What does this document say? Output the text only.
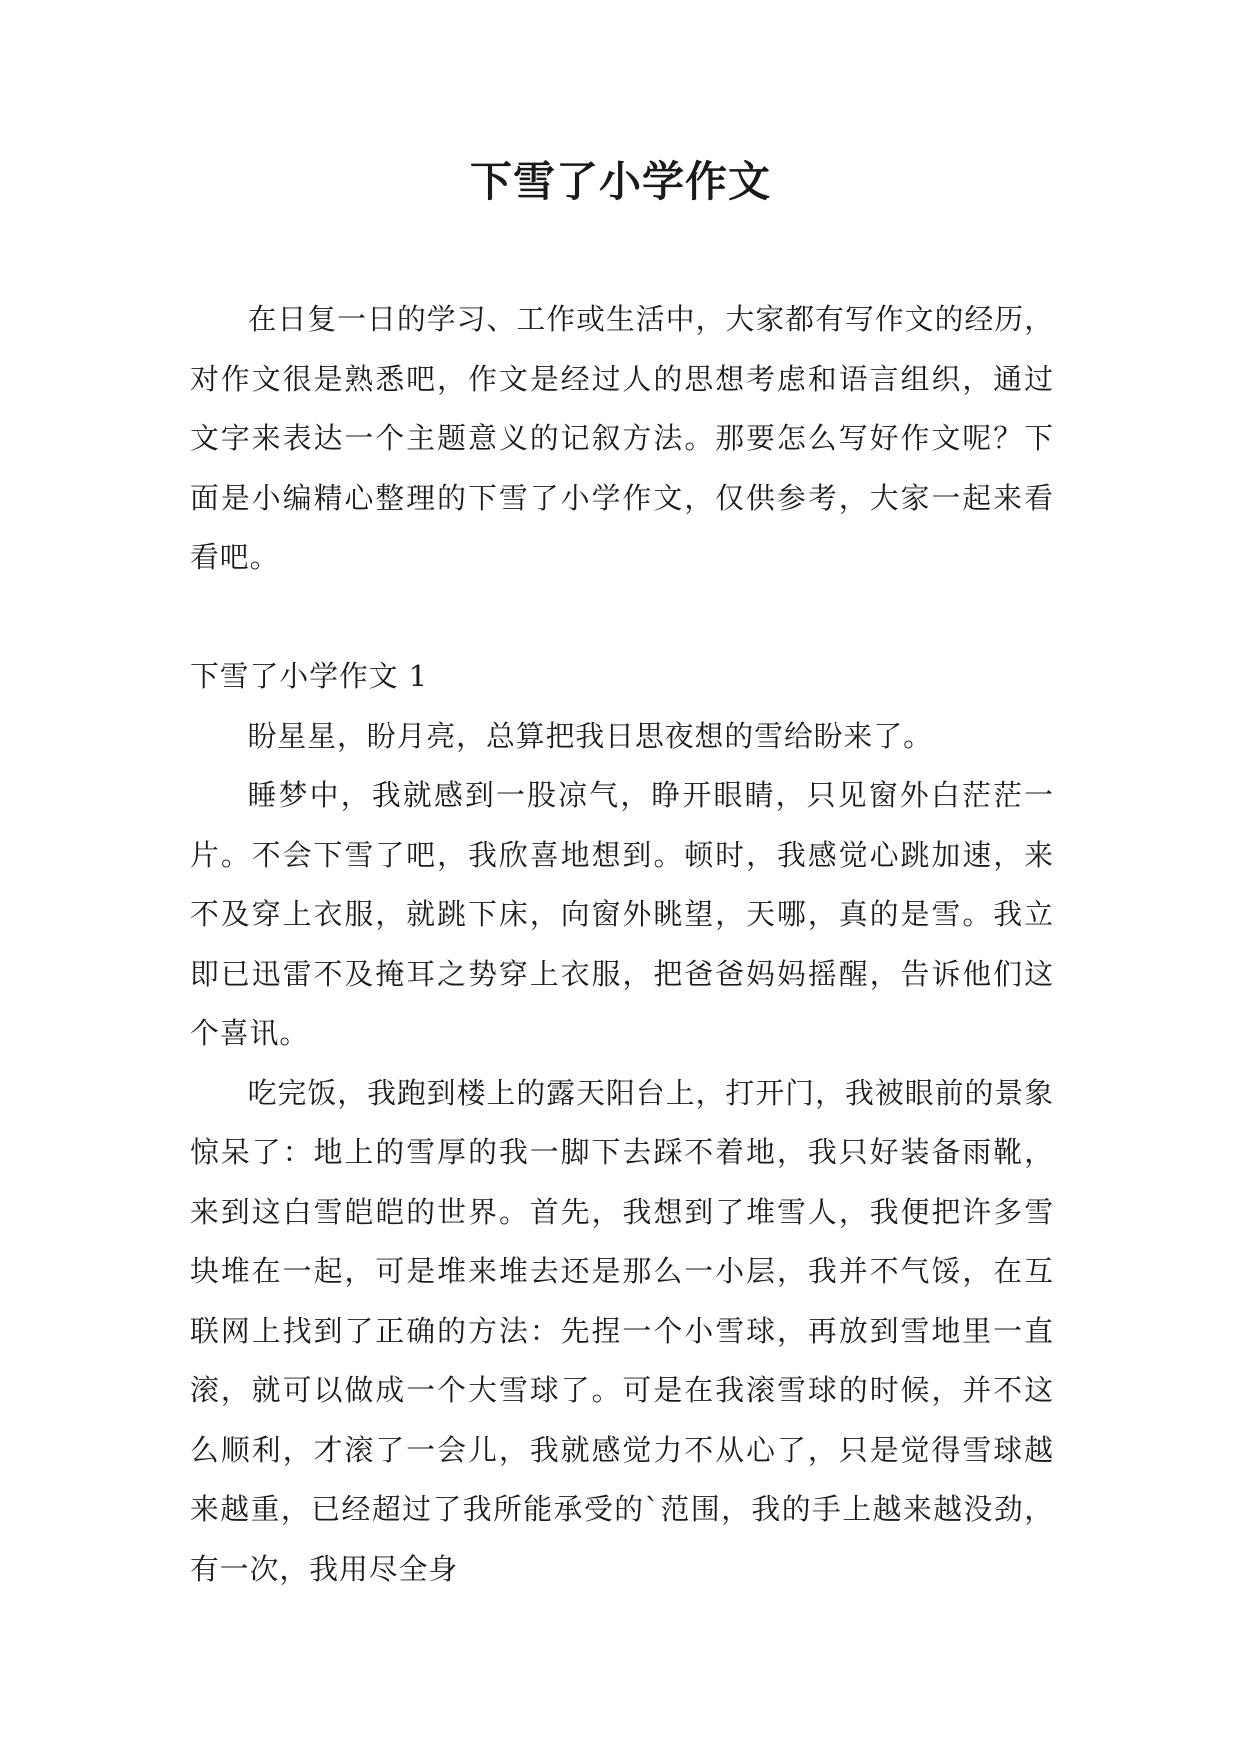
下雪了小学作文

在日复一日的学习、工作或生活中，大家都有写作文的经历，对作文很是熟悉吧，作文是经过人的思想考虑和语言组织，通过文字来表达一个主题意义的记叙方法。那要怎么写好作文呢？下面是小编精心整理的下雪了小学作文，仅供参考，大家一起来看看吧。

下雪了小学作文 1

盼星星，盼月亮，总算把我日思夜想的雪给盼来了。

睡梦中，我就感到一股凉气，睁开眼睛，只见窗外白茫茫一片。不会下雪了吧，我欣喜地想到。顿时，我感觉心跳加速，来不及穿上衣服，就跳下床，向窗外眺望，天哪，真的是雪。我立即已迅雷不及掩耳之势穿上衣服，把爸爸妈妈摇醒，告诉他们这个喜讯。

吃完饭，我跑到楼上的露天阳台上，打开门，我被眼前的景象惊呆了：地上的雪厚的我一脚下去踩不着地，我只好装备雨靴，来到这白雪皑皑的世界。首先，我想到了堆雪人，我便把许多雪块堆在一起，可是堆来堆去还是那么一小层，我并不气馁，在互联网上找到了正确的方法：先捏一个小雪球，再放到雪地里一直滚，就可以做成一个大雪球了。可是在我滚雪球的时候，并不这么顺利，才滚了一会儿，我就感觉力不从心了，只是觉得雪球越来越重，已经超过了我所能承受的`范围，我的手上越来越没劲，有一次，我用尽全身
